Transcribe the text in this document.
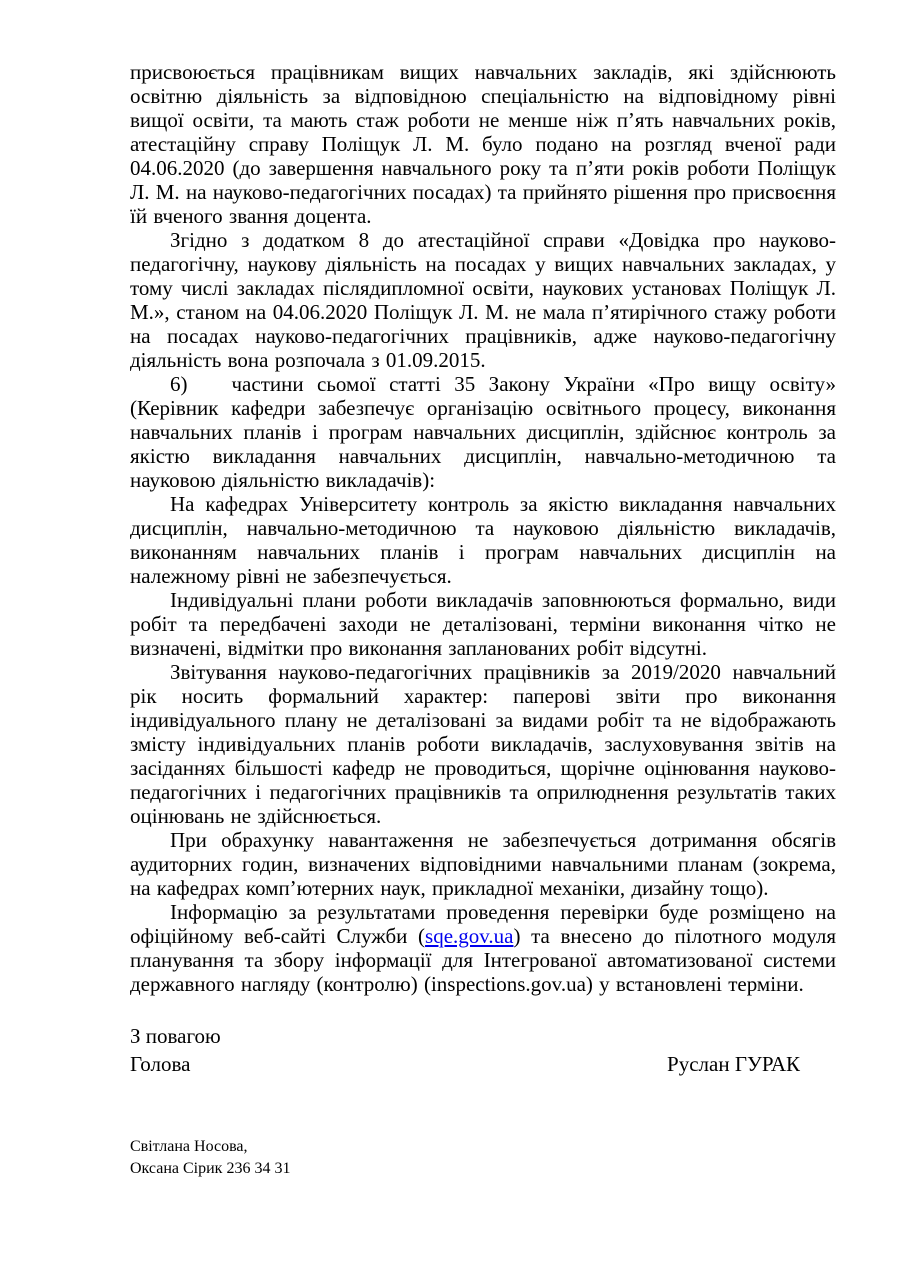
присвоюється працівникам вищих навчальних закладів, які здійснюють освітню діяльність за відповідною спеціальністю на відповідному рівні вищої освіти, та мають стаж роботи не менше ніж п’ять навчальних років, атестаційну справу Поліщук Л. М. було подано на розгляд вченої ради 04.06.2020 (до завершення навчального року та п’яти років роботи Поліщук Л. М. на науково-педагогічних посадах) та прийнято рішення про присвоєння їй вченого звання доцента.

Згідно з додатком 8 до атестаційної справи «Довідка про науково-педагогічну, наукову діяльність на посадах у вищих навчальних закладах, у тому числі закладах післядипломної освіти, наукових установах Поліщук Л. М.», станом на 04.06.2020 Поліщук Л. М. не мала п’ятирічного стажу роботи на посадах науково-педагогічних працівників, адже науково-педагогічну діяльність вона розпочала з 01.09.2015.

6) частини сьомої статті 35 Закону України «Про вищу освіту» (Керівник кафедри забезпечує організацію освітнього процесу, виконання навчальних планів і програм навчальних дисциплін, здійснює контроль за якістю викладання навчальних дисциплін, навчально-методичною та науковою діяльністю викладачів):

На кафедрах Університету контроль за якістю викладання навчальних дисциплін, навчально-методичною та науковою діяльністю викладачів, виконанням навчальних планів і програм навчальних дисциплін на належному рівні не забезпечується.

Індивідуальні плани роботи викладачів заповнюються формально, види робіт та передбачені заходи не деталізовані, терміни виконання чітко не визначені, відмітки про виконання запланованих робіт відсутні.

Звітування науково-педагогічних працівників за 2019/2020 навчальний рік носить формальний характер: паперові звіти про виконання індивідуального плану не деталізовані за видами робіт та не відображають змісту індивідуальних планів роботи викладачів, заслуховування звітів на засіданнях більшості кафедр не проводиться, щорічне оцінювання науково-педагогічних і педагогічних працівників та оприлюднення результатів таких оцінювань не здійснюється.

При обрахунку навантаження не забезпечується дотримання обсягів аудиторних годин, визначених відповідними навчальними планам (зокрема, на кафедрах комп’ютерних наук, прикладної механіки, дизайну тощо).

Інформацію за результатами проведення перевірки буде розміщено на офіційному веб-сайті Служби (sqe.gov.ua) та внесено до пілотного модуля планування та збору інформації для Інтегрованої автоматизованої системи державного нагляду (контролю) (inspections.gov.ua) у встановлені терміни.

З повагою
Голова	Руслан ГУРАК
Світлана Носова,
Оксана Сірик 236 34 31
